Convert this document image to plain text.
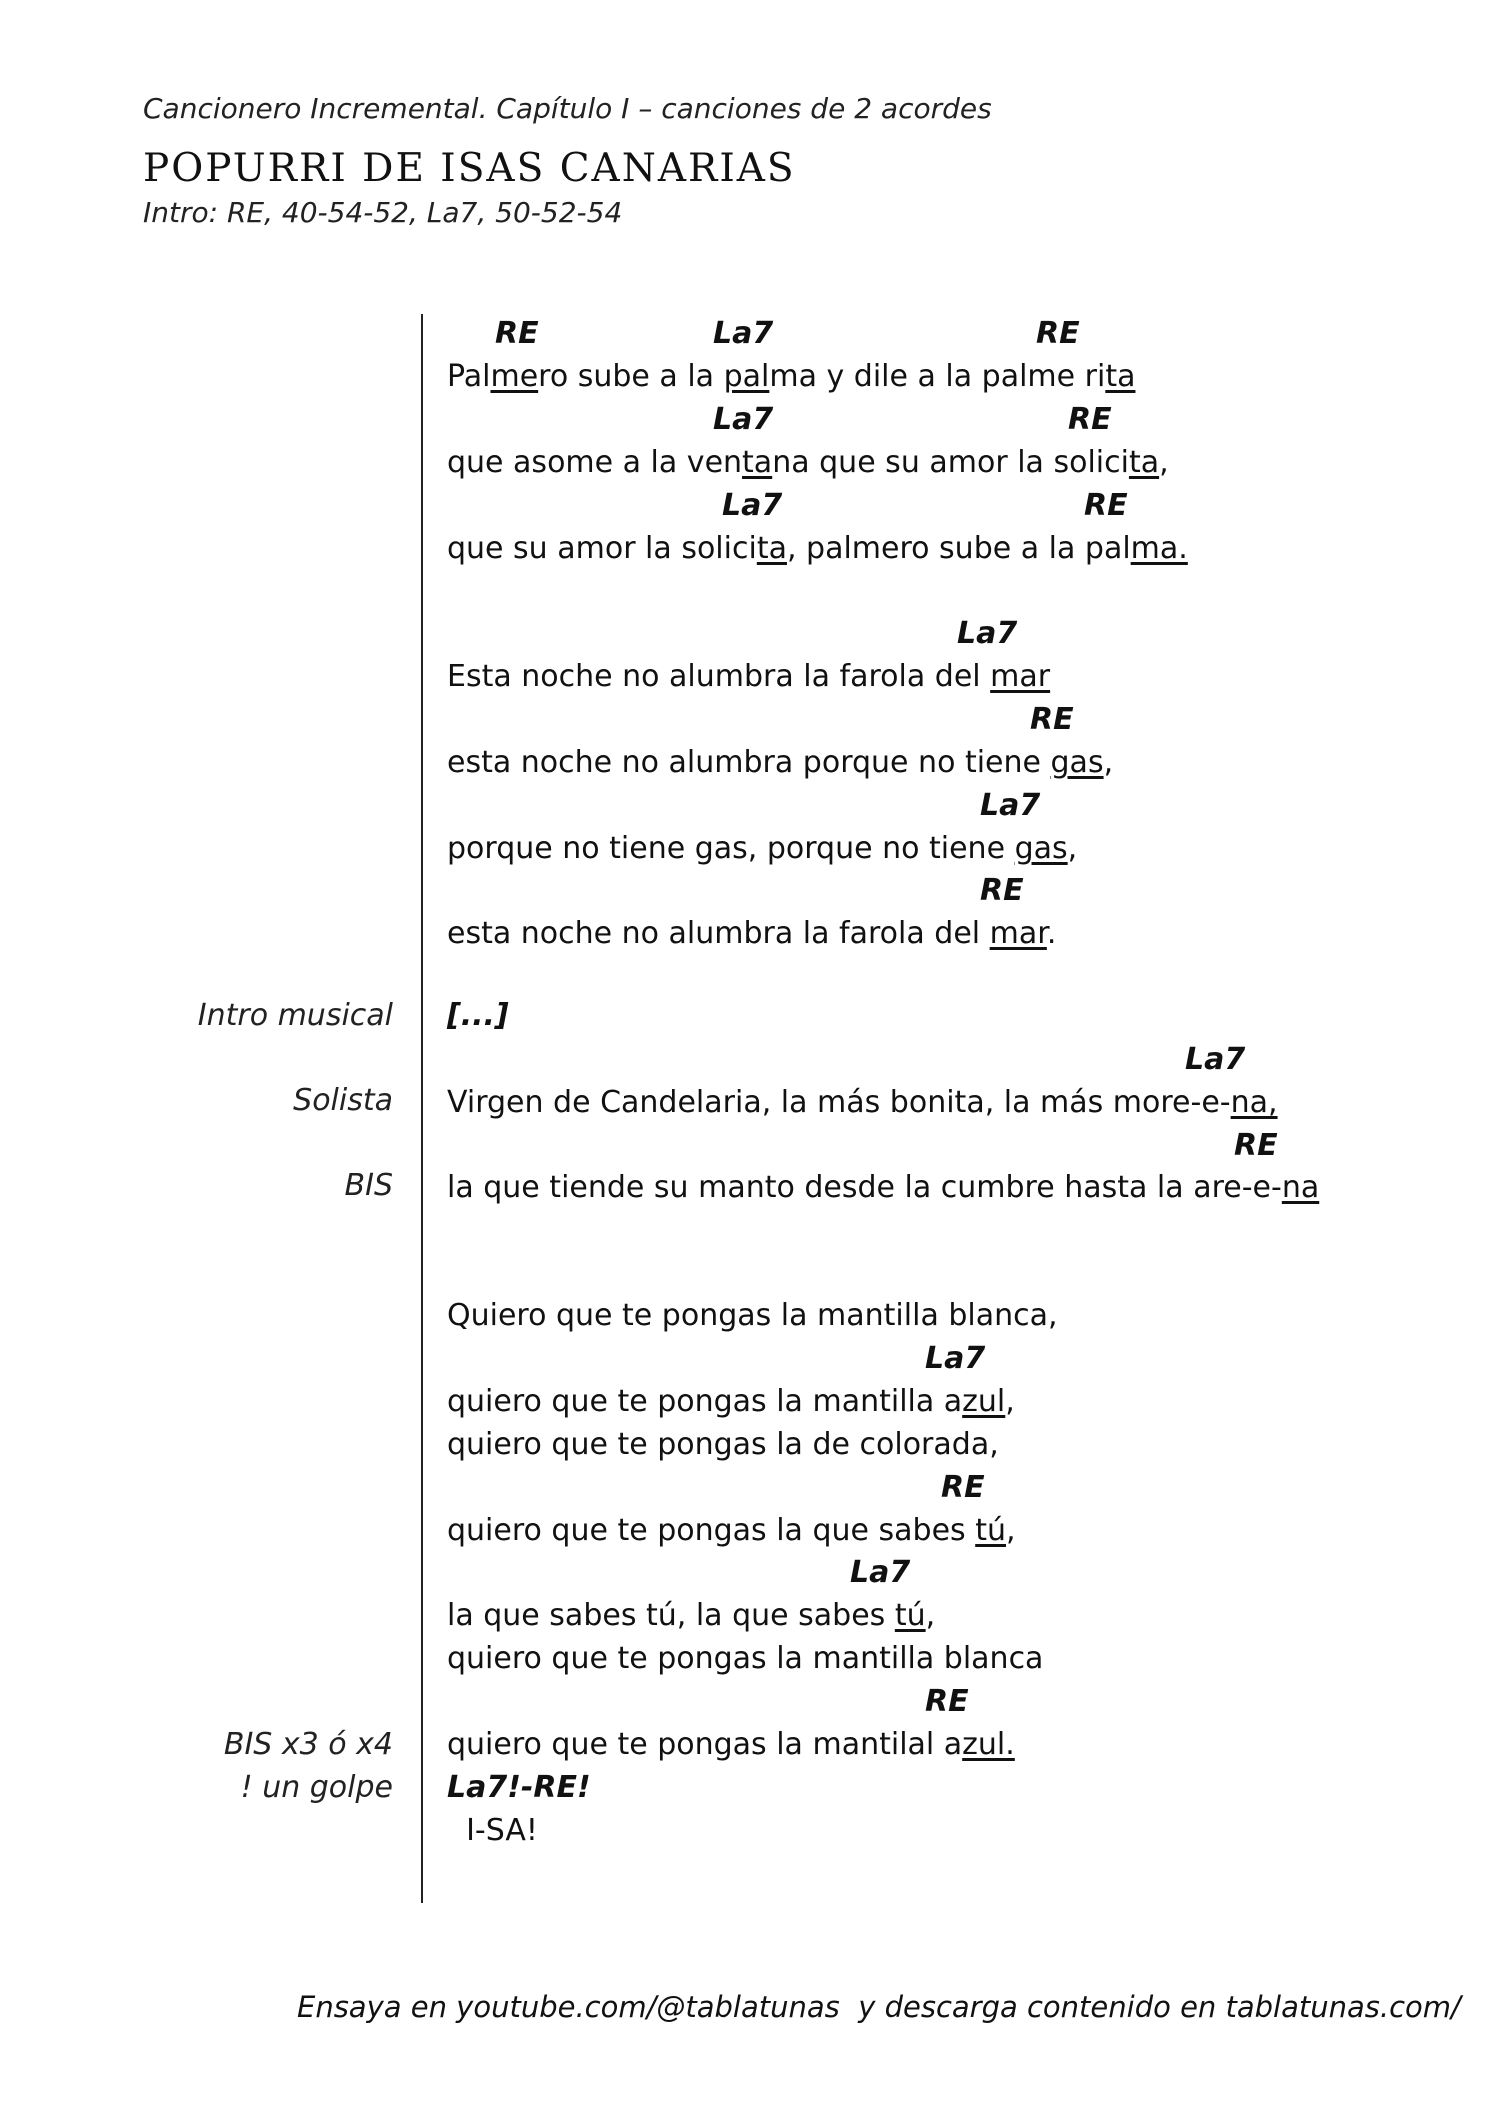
Cancionero Incremental. Capítulo I – canciones de 2 acordes
POPURRI DE ISAS CANARIAS
Intro: RE, 40-54-52, La7, 50-52-54
Intro musical
Solista
BIS
BIS x3 ó x4
! un golpe
RE	La7	RE
Palmero sube a la palma y dile a la palme rita
La7	RE
que asome a la ventana que su amor la solicita,
La7	RE
que su amor la solicita, palmero sube a la palma.
La7
Esta noche no alumbra la farola del mar
RE
esta noche no alumbra porque no tiene gas,
La7
porque no tiene gas, porque no tiene gas,
RE
esta noche no alumbra la farola del mar.
[...]
La7
Virgen de Candelaria, la más bonita, la más more-e-na,
RE
la que tiende su manto desde la cumbre hasta la are-e-na
Quiero que te pongas la mantilla blanca,
La7
quiero que te pongas la mantilla azul,
quiero que te pongas la de colorada,
RE
quiero que te pongas la que sabes tú,
La7
la que sabes tú, la que sabes tú,
quiero que te pongas la mantilla blanca
RE
quiero que te pongas la mantilal azul.
La7!-RE!
I-SA!
Ensaya en youtube.com/@tablatunas  y descarga contenido en tablatunas.com/
